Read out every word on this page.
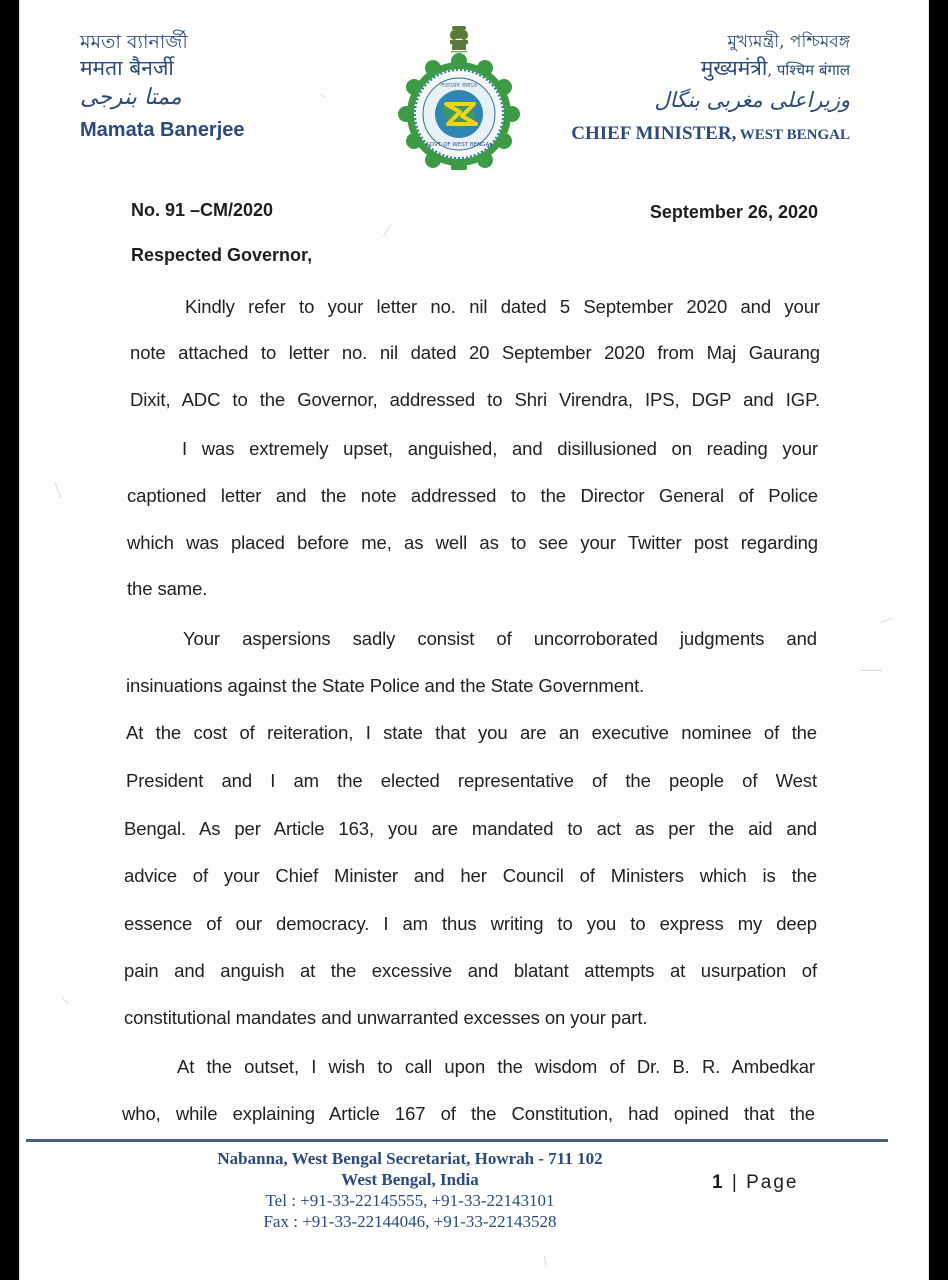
মমতা ব্যানার্জী
ममता बैनर्जी
ممتا بنرجی
Mamata Banerjee
সত্যমেব জয়তে
GOVT OF WEST BENGAL
মুখ্যমন্ত্রী, পশ্চিমবঙ্গ
मुख्यमंत्री, पश्चिम बंगाल
وزیراعلی مغربی بنگال
CHIEF MINISTER, WEST BENGAL
No. 91 –CM/2020	September 26, 2020
Respected Governor,
Kindly refer to your letter no. nil dated 5 September 2020 and your
note attached to letter no. nil dated 20 September 2020 from Maj Gaurang
Dixit, ADC to the Governor, addressed to Shri Virendra, IPS, DGP and IGP.
I was extremely upset, anguished, and disillusioned on reading your
captioned letter and the note addressed to the Director General of Police
which was placed before me, as well as to see your Twitter post regarding
the same.
Your aspersions sadly consist of uncorroborated judgments and
insinuations against the State Police and the State Government.
At the cost of reiteration, I state that you are an executive nominee of the
President and I am the elected representative of the people of West
Bengal. As per Article 163, you are mandated to act as per the aid and
advice of your Chief Minister and her Council of Ministers which is the
essence of our democracy. I am thus writing to you to express my deep
pain and anguish at the excessive and blatant attempts at usurpation of
constitutional mandates and unwarranted excesses on your part.
At the outset, I wish to call upon the wisdom of Dr. B. R. Ambedkar
who, while explaining Article 167 of the Constitution, had opined that the
Nabanna, West Bengal Secretariat, Howrah - 711 102
West Bengal, India
Tel : +91-33-22145555, +91-33-22143101
Fax : +91-33-22144046, +91-33-22143528
1 | Page
